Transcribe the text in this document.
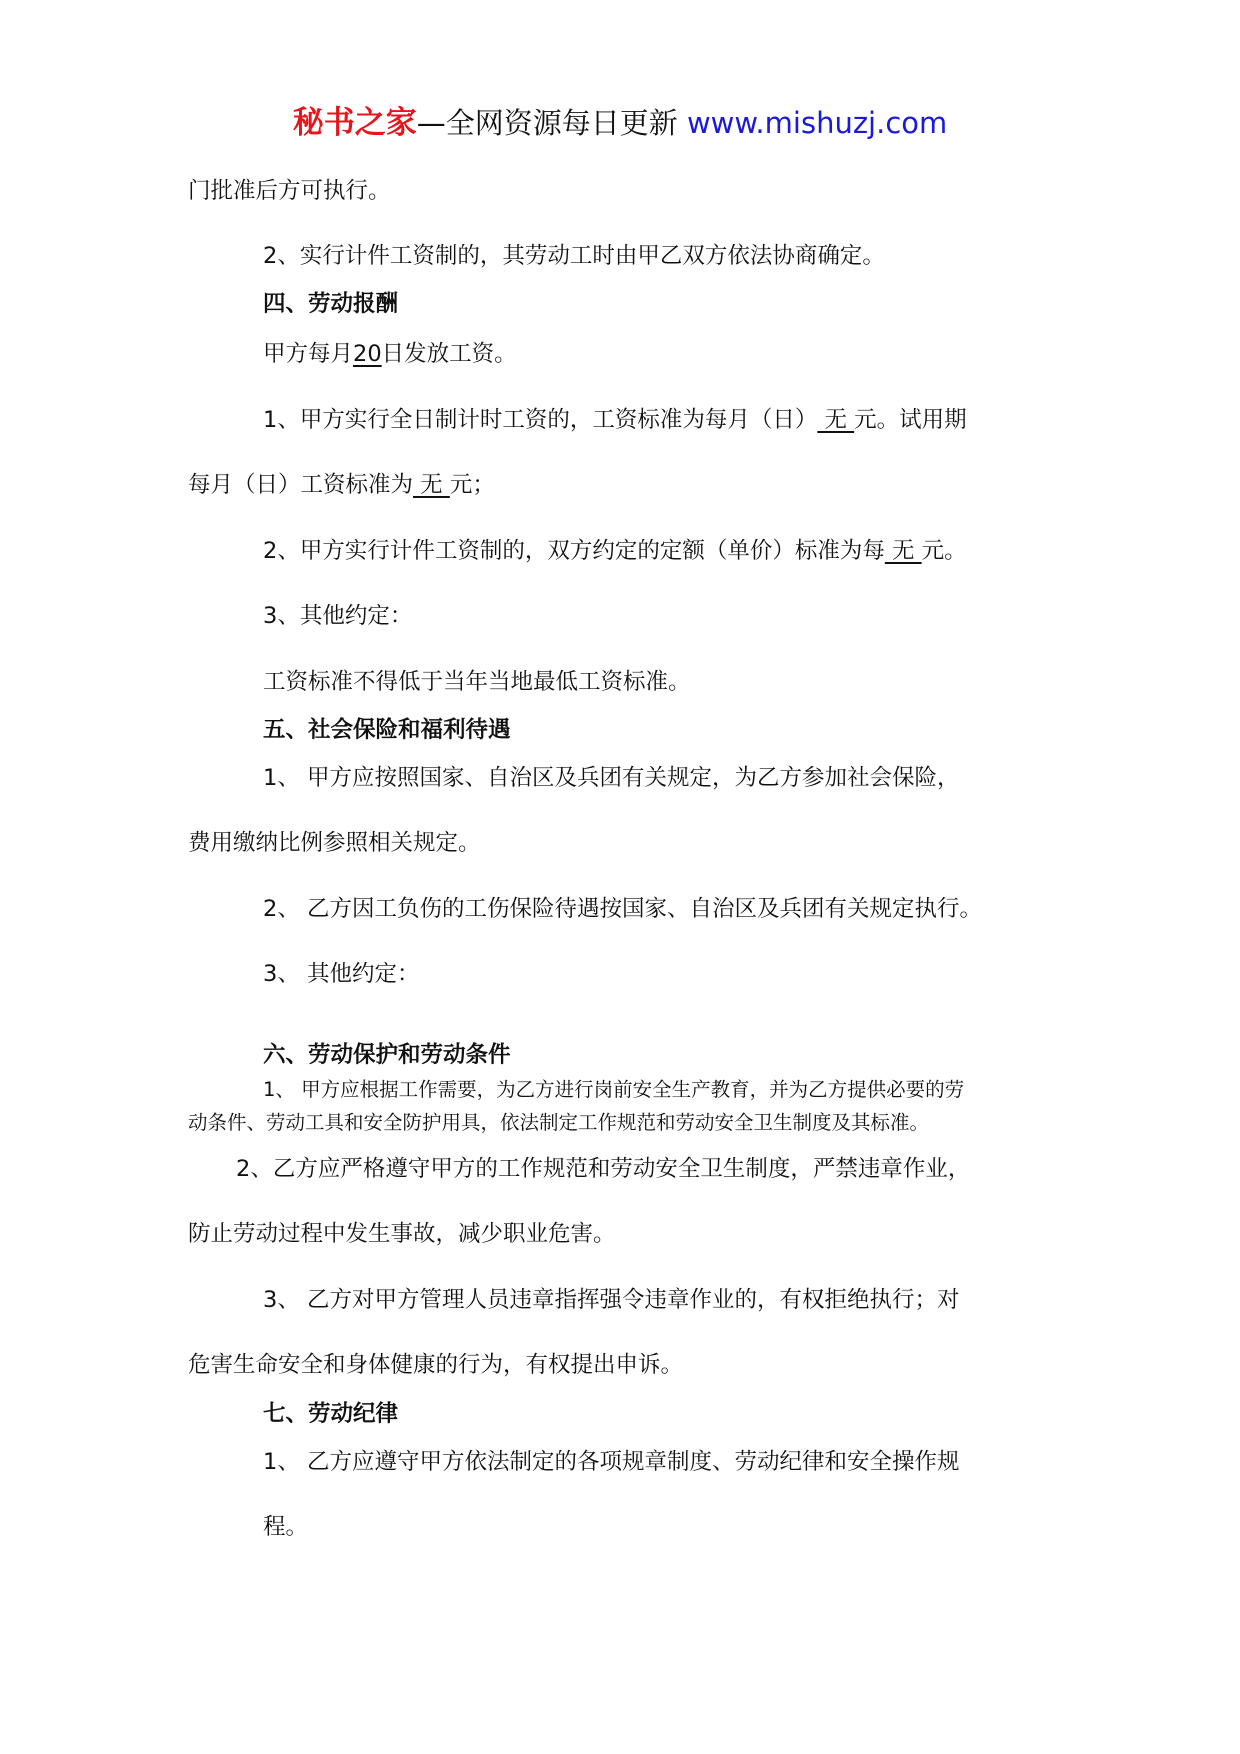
秘书之家—全网资源每日更新 www.mishuzj.com
门批准后方可执行。
2、实行计件工资制的，其劳动工时由甲乙双方依法协商确定。
四、劳动报酬
甲方每月20日发放工资。
1、甲方实行全日制计时工资的，工资标准为每月（日） 无 元。试用期
每月（日）工资标准为 无 元；
2、甲方实行计件工资制的，双方约定的定额（单价）标准为每 无 元。
3、其他约定：
工资标准不得低于当年当地最低工资标准。
五、社会保险和福利待遇
1、 甲方应按照国家、自治区及兵团有关规定，为乙方参加社会保险，
费用缴纳比例参照相关规定。
2、 乙方因工负伤的工伤保险待遇按国家、自治区及兵团有关规定执行。
3、 其他约定：
六、劳动保护和劳动条件
1、 甲方应根据工作需要，为乙方进行岗前安全生产教育，并为乙方提供必要的劳
动条件、劳动工具和安全防护用具，依法制定工作规范和劳动安全卫生制度及其标准。
2、乙方应严格遵守甲方的工作规范和劳动安全卫生制度，严禁违章作业，
防止劳动过程中发生事故，减少职业危害。
3、 乙方对甲方管理人员违章指挥强令违章作业的，有权拒绝执行；对
危害生命安全和身体健康的行为，有权提出申诉。
七、劳动纪律
1、 乙方应遵守甲方依法制定的各项规章制度、劳动纪律和安全操作规
程。
